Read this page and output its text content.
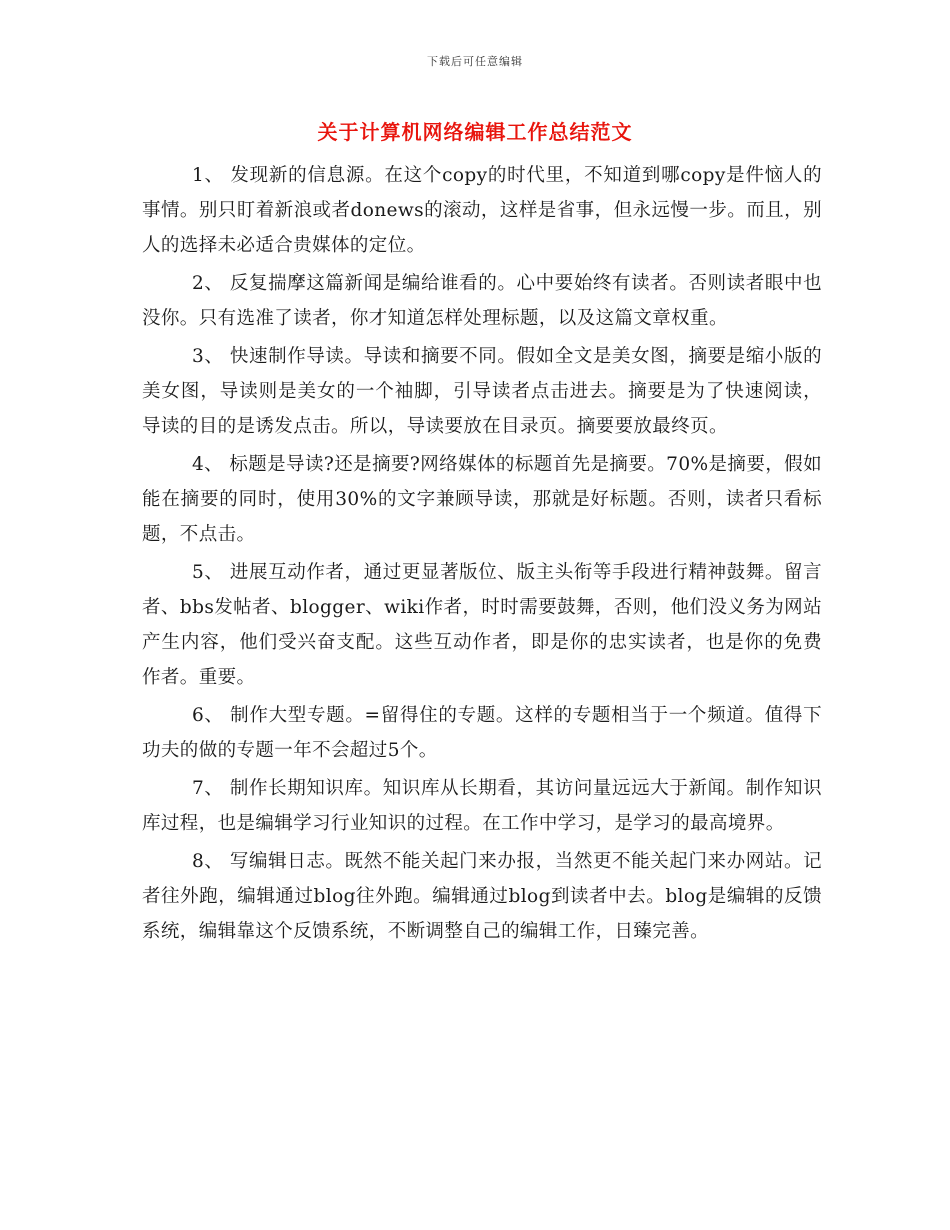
下载后可任意编辑
关于计算机网络编辑工作总结范文

1、 发现新的信息源。在这个copy的时代里，不知道到哪copy是件恼人的事情。别只盯着新浪或者donews的滚动，这样是省事，但永远慢一步。而且，别人的选择未必适合贵媒体的定位。

2、 反复揣摩这篇新闻是编给谁看的。心中要始终有读者。否则读者眼中也没你。只有选准了读者，你才知道怎样处理标题，以及这篇文章权重。

3、 快速制作导读。导读和摘要不同。假如全文是美女图，摘要是缩小版的美女图，导读则是美女的一个袖脚，引导读者点击进去。摘要是为了快速阅读，导读的目的是诱发点击。所以，导读要放在目录页。摘要要放最终页。

4、 标题是导读?还是摘要?网络媒体的标题首先是摘要。70%是摘要，假如能在摘要的同时，使用30%的文字兼顾导读，那就是好标题。否则，读者只看标题，不点击。

5、 进展互动作者，通过更显著版位、版主头衔等手段进行精神鼓舞。留言者、bbs发帖者、blogger、wiki作者，时时需要鼓舞，否则，他们没义务为网站产生内容，他们受兴奋支配。这些互动作者，即是你的忠实读者，也是你的免费作者。重要。

6、 制作大型专题。=留得住的专题。这样的专题相当于一个频道。值得下功夫的做的专题一年不会超过5个。

7、 制作长期知识库。知识库从长期看，其访问量远远大于新闻。制作知识库过程，也是编辑学习行业知识的过程。在工作中学习，是学习的最高境界。

8、 写编辑日志。既然不能关起门来办报，当然更不能关起门来办网站。记者往外跑，编辑通过blog往外跑。编辑通过blog到读者中去。blog是编辑的反馈系统，编辑靠这个反馈系统，不断调整自己的编辑工作，日臻完善。
